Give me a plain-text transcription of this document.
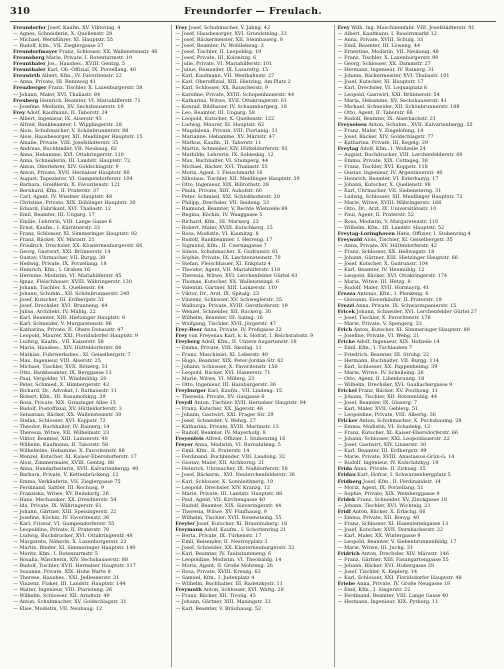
310	Freundorfer — Freulach.
Freundorfer Josef, Kaufm. XV. Viktoriag. 4
— Agnes, Schneiderin, X. Quellenstr. 28
— Michael, Werkführer, XI. Hauptstr. 55
— Rudolf, Kfm., VII. Zieglergasse 27
Freundorfmayer Franz, Schlosser, XX. Wallensteinstr. 46
Freunsberg Marie, Private, I. Rotenturmstr. 19
Freunthaler Jos., Hausbes., XVIII. Gentzg. 5
Freunthaler Karl, Ob.-Offizial, IX. Porzellang. 40
Freuwirth Albert, Kfm., IV. Favoritenstr. 22
— Anna, Private, III. Rennweg 41
Freuzberger Franz, Tischler, X. Laxenburgerstr. 58
— Johann, Maler, XVI. Thaliastr. 84
Freuberg Heinrich, Beamter, VI. Mariahilferstr. 71
— Josefine, Modistin, XV. Sechshauserstr. 19
Frey Adolf, Kaufmann, II. Taborstr. 24
— Albert, Ingenieur, IX. Alserstr. 43
— Alfred, Bankbeamter, I. Wipplingerstr. 28
— Alois, Schuhmacher, V. Schönbrunnerstr. 88
— Alois, Hausbesorger, XII. Meidlinger Hauptstr. 15
— Amalie, Private, VIII. Josefstädterstr. 35
— Andreas, Buchbinder, VII. Neubaug. 62
— Anna, Hebamme, XVI. Ottakringerstr. 110
— Anna, Schneiderin, III. Landstr. Hauptstr. 72
— Anton, Oberlehrer, XIV. Goldschlagstr. 9
— Anton, Private, XVII. Hernalser Hauptstr. 60
— August, Tapezierer, VI. Gumpendorferstr. 104
— Barbara, Greißlerin, X. Favoritenstr. 121
— Bernhard, Kfm., II. Praterstr. 37
— Carl, Agent, IV. Wiedner Hauptstr. 48
— Christine, Private, XIX. Döblinger Hauptstr. 30
— Eduard, Fabrikant, XVI. Thaliastr. 12
— Emil, Beamter, III. Ungarg. 17
— Emilie, Lehrerin, VIII. Lange Gasse 6
— Ernst, Kaufm., I. Kärntnerstr. 33
— Franz, Schlosser, XI. Simmeringer Hauptstr. 92
— Franz, Bäcker, XV. Märzstr. 21
— Friedrich, Drechsler, XX. Klosterneuburgerstr. 66
— Georg, Gastwirt, XXI. Brünnerstr. 14
— Gustav, Uhrmacher, VII. Burgg. 38
— Hedwig, Private, IX. Porzellang. 18
— Heinrich, Kfm., I. Graben 16
— Hermine, Modistin, VI. Mariahilferstr. 45
— Ignaz, Fleischhauer, XVIII. Währingerstr. 130
— Johann, Tischler, X. Quellenstr. 64
— Johann, Schuhm., XII. Schönbrunnerstr. 240
— Josef, Kutscher, III. Erdbergstr. 51
— Josef, Drechsler, XVI. Brunneng. 44
— Julius, Architekt, IV. Mühlg. 22
— Karl, Beamter, XIII. Hietzinger Hauptstr. 8
— Karl, Schneider, V. Margaretenstr. 96
— Katharina, Private, II. Obere Donaustr. 47
— Leopold, Maurer, XXI. Floridsdorfer Hauptstr. 9
— Ludwig, Kaufm., VII. Kaiserstr. 58
— Maria, Hausbes., XIV. Hütteldorferstr. 66
— Mathias, Fuhrwerksbes., XI. Geiselbergstr. 7
— Max, Ingenieur, VIII. Alserstr. 25
— Michael, Tischler, XVII. Rötzerg. 31
— Otto, Bankbeamter, IX. Berggasse 13
— Paul, Vergolder, VI. Windmühlg. 20
— Peter, Schmied, X. Himbergerstr. 42
— Richard, Dr., Advokat, I. Rathausstr. 11
— Robert, Kfm., III. Rasumofskyg. 29
— Rosa, Private, XIX. Grinzinger Allee 15
— Rudolf, Postoffizial, XV. Hütteldorferstr. 3
— Sebastian, Bäcker, XX. Wallensteinstr. 30
— Stefan, Schlosser, XVI. Koppstr. 72
— Theodor, Buchhalter, IV. Rainerg. 14
— Theresia, Witwe, XII. Wilhelmstr. 23
— Viktor, Beamter, XIII. Lainzerstr. 40
— Wilhelm, Kaufmann, II. Taborstr. 58
— Wilhelmine, Hebamme, X. Favoritenstr. 88
— Wenzel, Kutscher, XI. Kaiser-Ebersdorferstr. 17
— Alois, Zimmermaler, XVIII. Gentzg. 88
— Anna, Handarbeiterin, XVII. Kalvarienbergg. 40
— Barbara, Private, V. Kettenbrückeng. 12
— Emma, Verkäuferin, VII. Zieglergasse 75
— Ferdinand, Sattler, III. Rochusg. 9
— Franziska, Witwe, XV. Reindorfg. 26
— Hans, Mechaniker, XX. Dresdnerstr. 54
— Ida, Private, IX. Währingerstr. 61
— Johann, Gärtner, XIII. Speisingerstr. 22
— Josefine, Köchin, IV. Favoritenstr. 36
— Karl, Friseur, VI. Gumpendorferstr. 55
— Leopoldine, Private, II. Praterstr. 70
— Ludwig, Buchdrucker, XVI. Ottakringerstr. 48
— Margarete, Näherin, X. Laxenburgerstr. 22
— Martin, Binder, XI. Simmeringer Hauptstr. 140
— Moritz, Kfm., I. Rotenturmstr. 5
— Rosalia, Wäscherin, XIV. Sechshauserstr. 88
— Rudolf, Tischler, XVII. Hernalser Hauptstr. 117
— Susanne, Private, XIX. Hohe Warte 8
— Therese, Hausbes., XXI. Jedleseerstr. 31
— Vinzenz, Fiaker, III. Landstr. Hauptstr. 144
— Walter, Ingenieur, VIII. Piaristeng. 26
— Wilhelm, Schlosser, XII. Arndtstr. 49
— Anton, Schuhmacher, XV. Goldschlagstr. 31
— Elise, Modistin, VII. Neubaug. 12
Frey Josef, Schuhmacher, V. Jahng. 42
— Josef, Hausbesorger, XVI. Grundsteing. 33
— Josef, Bäckermeister, XII. Steinbauerg. 8
— Josef, Beamter, IV. Wohllebeng. 3
— Josef, Tischler, II. Leopoldsg. 19
— Josef, Private, III. Kolonitzg. 6
— Julie, Private, VI. Mariahilferstr. 101
— Julius, Reisender, IX. Lazarettg. 15
— Karl, Kaufmann, VII. Westbahnstr. 27
— Karl, Oberoffizial, XIII. Hietzing, Am Platz 2
— Karl, Schlosser, XX. Rauscherstr. 9
— Karoline, Private, XVIII. Schopenhauerstr. 44
— Katharina, Witwe, XVII. Ottakringerstr. 61
— Konrad, Bildhauer, IV. Schaumburgerg. 18
— Leo, Beamter, III. Ungarg. 58
— Leopold, Kutscher, X. Quellenstr. 122
— Ludwig, Maurer, XI. Hauptstr. 62
— Magdalena, Private, VIII. Florianig. 31
— Marianne, Hebamme, XV. Märzstr. 47
— Markus, Kaufm., II. Taborstr. 11
— Martin, Schneider, XIV. Hütteldorferstr. 92
— Mathilde, Lehrerin, IX. Sobieskig. 12
— Max, Buchhalter, VI. Stumperg. 44
— Michael, Bäcker, XVI. Thaliastr. 55
— Moriz, Agent, I. Fleischmarkt 16
— Nikolaus, Tischler, XII. Meidlinger Hauptstr. 39
— Otto, Ingenieur, XIX. Billrothstr. 28
— Paula, Private, XIII. Auhofstr. 60
— Peter, Schmied, XXI. Schloßhoferstr. 20
— Philipp, Drechsler, VII. Seideng. 33
— Raimund, Beamter, V. Rechte Wienzeile 89
— Regina, Köchin, IV. Waaggasse 5
— Richard, Kfm., III. Marxerg. 23
— Robert, Maler, XVIII. Kutschkerg. 15
— Rosa, Modistin, VI. Kaunitzg. 8
— Rudolf, Bankbeamter, I. Herreng. 17
— Sigmund, Kfm., II. Czerningasse 7
— Simon, Schuhmacher, X. Gudrunstr. 61
— Sophie, Private, IX. Liechtensteinstr. 70
— Stefan, Fleischhauer, XI. Enkplatz 4
— Theodor, Agent, VII. Mariahilferstr. 118
— Theresia, Witwe, XVI. Lerchenfelder Gürtel 43
— Thomas, Kutscher, XX. Wallensteinpl. 6
— Valentin, Gärtner, XIII. Lainzerstr. 110
— Viktor, Dr., Arzt, IX. Spitalg. 23
— Vinzenz, Schlosser, XV. Schweglerstr. 35
— Walburga, Private, XVIII. Gersthoferstr. 19
— Wenzel, Schneider, XII. Ruckerg. 30
— Wilhelm, Beamter, III. Salmg. 16
— Wolfgang, Tischler, XVII. Jörgerstr. 47
Frey-Beer Anna, Private, IV. Preßgasse 22
Frey von Freyenau Karl, k. k. Hofrat, I. Reichsratsstr. 9
Freyberg Adolf, Kfm., II. Untere Augartenstr. 18
— Emma, Private, VIII. Skodag. 11
— Franz, Maschinist, XI. Leberstr. 40
— Hugo, Beamter, XIX. Peter-Jordan-Str. 62
— Johann, Schlosser, X. Favoritenstr. 150
— Leopold, Bäcker, XVI. Hasnerstr. 71
— Marie, Witwe, VI. Millerg. 23
— Otto, Ingenieur, III. Hainburgerstr. 36
Freyburger Karl, Kaufm., VII. Lindeng. 15
— Theresia, Private, XV. Gasgasse 6
Freydl Anton, Tischler, XVII. Hernalser Hauptstr. 84
— Franz, Kutscher, XX. Jägerstr. 46
— Johann, Gastwirt, XXI. Prager Str. 29
— Josef, Schneider, V. Wehrg. 27
— Katharina, Private, XVIII. Martinstr. 13
— Rudolf, Beamter, IV. Mayerhofg. 8
Freyenfels Alfred, Offizier, I. Stubenring 16
Freyer Anna, Modistin, VI. Barnabiteng. 5
— Emil, Kfm., II. Praterstr. 14
— Ferdinand, Buchbinder, VIII. Laudong. 32
— Gustav, Maler, XII. Aichhorng. 21
— Heinrich, Uhrmacher, IX. Nußdorferstr. 58
— Josef, Bäckerm., XVI. Neulerchenfelderstr. 36
— Karl, Schlosser, X. Sonnleithnerg. 19
— Leopold, Drechsler, XIV. Kranzg. 12
— Marie, Private, III. Landstr. Hauptstr. 88
— Paul, Agent, VII. Kirchengasse 40
— Rudolf, Beamter, XIX. Sieveringerstr. 44
— Theresia, Witwe, XV. Fünfhausg. 9
— Wilhelm, Tischler, XVII. Rosensteing. 55
Freyler Josef, Kutscher, XI. Braunhuberg. 18
Freymann Adolf, Kaufm., I. Schottenring 21
— Berta, Private, IX. Türkenstr. 17
— Emil, Reisender, II. Nestroyplatz 3
— Josef, Schneider, XX. Klosterneuburgerstr. 32
— Karl, Beamter, IV. Taubstummeng. 6
— Leopoldine, Modistin, VI. Theobaldg. 14
— Moriz, Agent, II. Große Mohreng. 26
— Rosa, Private, XVIII. Kreuzg. 63
— Samuel, Kfm., I. Judenplatz 4
— Wilhelm, Buchhalter, III. Radetzkystr. 11
Freymuth Anton, Schlosser, XVI. Wattg. 28
— Franz, Bäcker, XII. Tivolig. 45
— Johann, Gärtner, XIII. Maxingstr. 33
— Karl, Beamter, V. Bräuhausg. 52
Frey Wilh. Ing. Maschinenfabr. VIII. Josefstädterstr. 91
— Albert, Kaufmann, I. Bauernmarkt 12
— Anna, Private, XVIII. Schulg. 33
— Emil, Beamter, III. Löweng. 44
— Ernestine, Modistin, VII. Neubaug. 48
— Franz, Tischler, X. Laxenburgerstr. 90
— Georg, Schlosser, XX. Dammstr. 27
— Hermann, Ingenieur, IV. Rainerg. 31
— Johann, Bäckermeister, XVI. Thaliastr. 101
— Josef, Kutscher, XI. Hauptstr. 17
— Karl, Drechsler, VI. Loquaiplatz 6
— Leopold, Gastwirt, XXI. Brünnerstr. 54
— Maria, Hebamme, XV. Sechshauserstr. 41
— Michael, Schneider, XII. Schönbrunnerstr. 188
— Otto, Agent, II. Taborstr. 66
— Rudolf, Beamter, IX. Alserbachstr. 21
Freyseisen Anton, Schuhm., XVII. Kalvarienbergg. 55
— Franz, Maler, V. Ziegelofeng. 14
— Josef, Bäcker, XIV. Goldschlagstr. 77
— Katharina, Private, III. Kegelg. 29
Freytag Adolf, Kfm., I. Wollzeile 24
— August, Buchdrucker, VIII. Lerchenfelderstr. 60
— Emma, Private, XIX. Cottageg. 38
— Franz, Tischler, XVI. Koppstr. 118
— Gustav, Ingenieur, IV. Argentinierstr. 40
— Heinrich, Beamter, VI. Esterhazyg. 17
— Johann, Kutscher, X. Quellenstr. 98
— Karl, Uhrmacher, VII. Siebensterng. 31
— Ludwig, Schlosser, XII. Meidlinger Hauptstr. 72
— Marie, Witwe, XVIII. Währingerstr. 166
— Otto, Dr., Arzt, IX. Universitätsstr. 10
— Paul, Agent, II. Praterstr. 52
— Rosa, Modistin, V. Margaretenstr. 110
— Wilhelm, Kfm., III. Landstr. Hauptstr. 52
Freytag-Loringhoven Hans, Offizier, I. Stubenring 4
Freywald Alois, Tischler, XI. Geiselbergstr. 35
— Anna, Private, XV. Hütteldorferstr. 42
— Franz, Schlosser, XX. Hellwagstr. 18
— Johann, Gärtner, XIII. Hietzinger Hauptstr. 66
— Josef, Kutscher, X. Gudrunstr. 104
— Karl, Beamter, IV. Heumühlg. 12
— Leopold, Bäcker, XVI. Ottakringerstr. 174
— Maria, Witwe, III. Hetzg. 8
— Rudolf, Maler, XVII. Hormayrg. 41
Frezza Antonio, Kfm., I. Plankeng. 6
— Giovanni, Eisverkäufer, II. Praterstr. 19
Frezzi Anna, Private, IX. Schwarzspanierstr. 15
Fricek Johann, Schneider, XVI. Lerchenfelder Gürtel 27
— Josef, Tischler, X. Favoritenstr. 176
— Marie, Private, V. Spengerg. 33
Frich Anton, Kutscher, XI. Simmeringer Hauptstr. 88
— Josefine, Private, VI. Webg. 21
Fricke Adolf, Ingenieur, XIX. Hofzeile 14
— Emil, Kfm., I. Tuchlauben 7
— Friedrich, Beamter, III. Strohg. 22
— Hermann, Buchhalter, VII. Burgg. 114
— Karl, Schlosser, XX. Pappenheimg. 39
— Marie, Witwe, IV. Schelleing. 26
— Otto, Agent, II. Lilienbrunng. 18
— Wilhelm, Drechsler, XVI. Gaullachergasse 9
Frickel Franz, Bäcker, XV. Pouthong. 11
— Johann, Tischler, XII. Rotenmühlg. 44
— Josef, Beamter, IX. Glaserg. 7
— Karl, Maler, XVII. Geblerg. 51
— Leopoldine, Private, VIII. Albertg. 36
Fricker Anton, Schuhmacher, X. Puchsbaumg. 28
— Emma, Modistin, VI. Schadekg. 12
— Franz, Kutscher, XI. Kaiser-Ebersdorferstr. 66
— Johann, Schlosser, XXI. Leopoldauerstr. 22
— Josef, Gastwirt, XIV. Linzerstr. 30
— Karl, Beamter, III. Erdbergstr. 99
— Marie, Private, XVIII. Anastasius-Grün-G. 14
— Rudolf, Ingenieur, IV. Kolschitzkyg. 19
Frida Anna, Private, II. Zirkusg. 35
Fridau Karl, Hofrat, I. Schwarzenbergplatz 5
Fridberg Josef, Kfm., II. Ferdinandstr. 14
— Moriz, Agent, IX. Porzellang. 51
— Sophie, Private, XIX. Weinberggasse 9
Fridek Franz, Schneider, XV. Zinckgasse 18
— Johann, Tischler, XVI. Wichtelg. 23
Fridl Anton, Bäcker, X. Erlachg. 66
— Emma, Private, XII. Bonyg. 40
— Franz, Schlosser, XI. Hasenleitengasse 13
— Josef, Kutscher, XVII. Dornbacherstr. 22
— Karl, Maler, XX. Wintergasse 9
— Leopold, Beamter, V. Siebenbrunnenfeldg. 17
— Marie, Witwe, III. Juchg. 31
Fridrich Anton, Drechsler, XIV. Märzstr. 146
— Franz, Gärtner, XIII. Fasangartengasse 55
— Johann, Bäcker, XVI. Hubergasse 28
— Josef, Tischler, X. Keplerg. 14
— Karl, Schlosser, XXI. Floridsdorfer Hauptstr. 48
Friebe Anna, Private, IV. Große Neugasse 18
— Emil, Kfm., I. Singerstr. 22
— Ferdinand, Beamter, VIII. Lange Gasse 40
— Hermann, Ingenieur, XIX. Pyrkerg. 11
